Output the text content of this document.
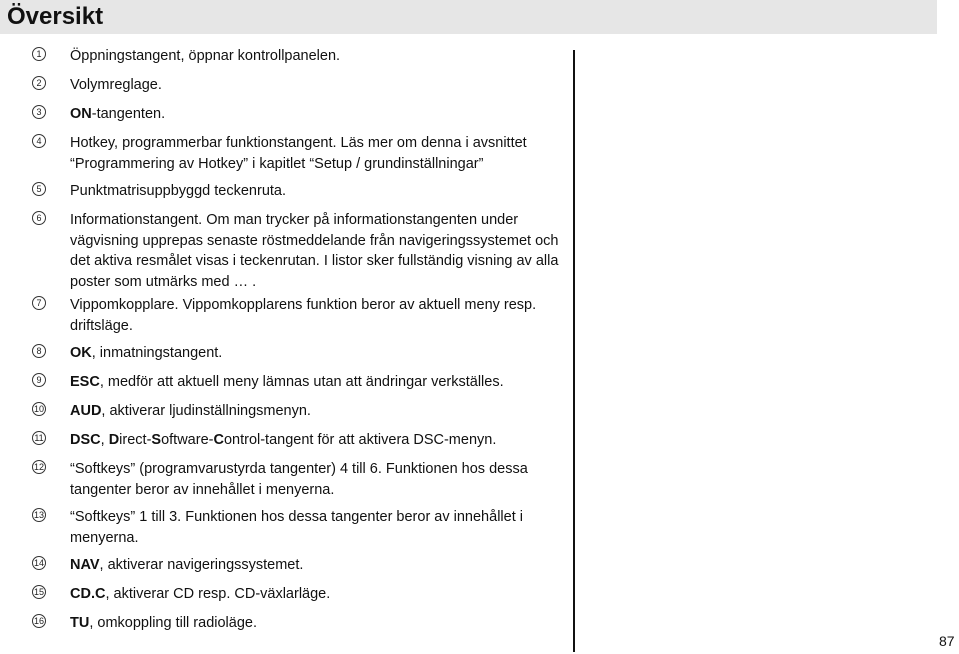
Översikt
1	Öppningstangent, öppnar kontrollpanelen.
2	Volymreglage.
3	ON-tangenten.
4	Hotkey, programmerbar funktionstangent. Läs mer om denna i avsnittet “Programmering av Hotkey” i kapitlet “Setup / grundinställningar”
5	Punktmatrisuppbyggd teckenruta.
6	Informationstangent. Om man trycker på informationstangenten under vägvisning upprepas senaste röstmeddelande från navigeringssystemet och det aktiva resmålet visas i teckenrutan. I listor sker fullständig visning av alla poster som utmärks med … .
7	Vippomkopplare. Vippomkopplarens funktion beror av aktuell meny resp. driftsläge.
8	OK, inmatningstangent.
9	ESC, medför att aktuell meny lämnas utan att ändringar verkställes.
10 AUD, aktiverar ljudinställningsmenyn.
11 DSC, Direct-Software-Control-tangent för att aktivera DSC-menyn.
12 “Softkeys” (programvarustyrda tangenter) 4 till 6. Funktionen hos dessa tangenter beror av innehållet i menyerna.
13 “Softkeys” 1 till 3. Funktionen hos dessa tangenter beror av innehållet i menyerna.
14 NAV, aktiverar navigeringssystemet.
15 CD.C, aktiverar CD resp. CD-växlarläge.
16 TU, omkoppling till radioläge.
87
